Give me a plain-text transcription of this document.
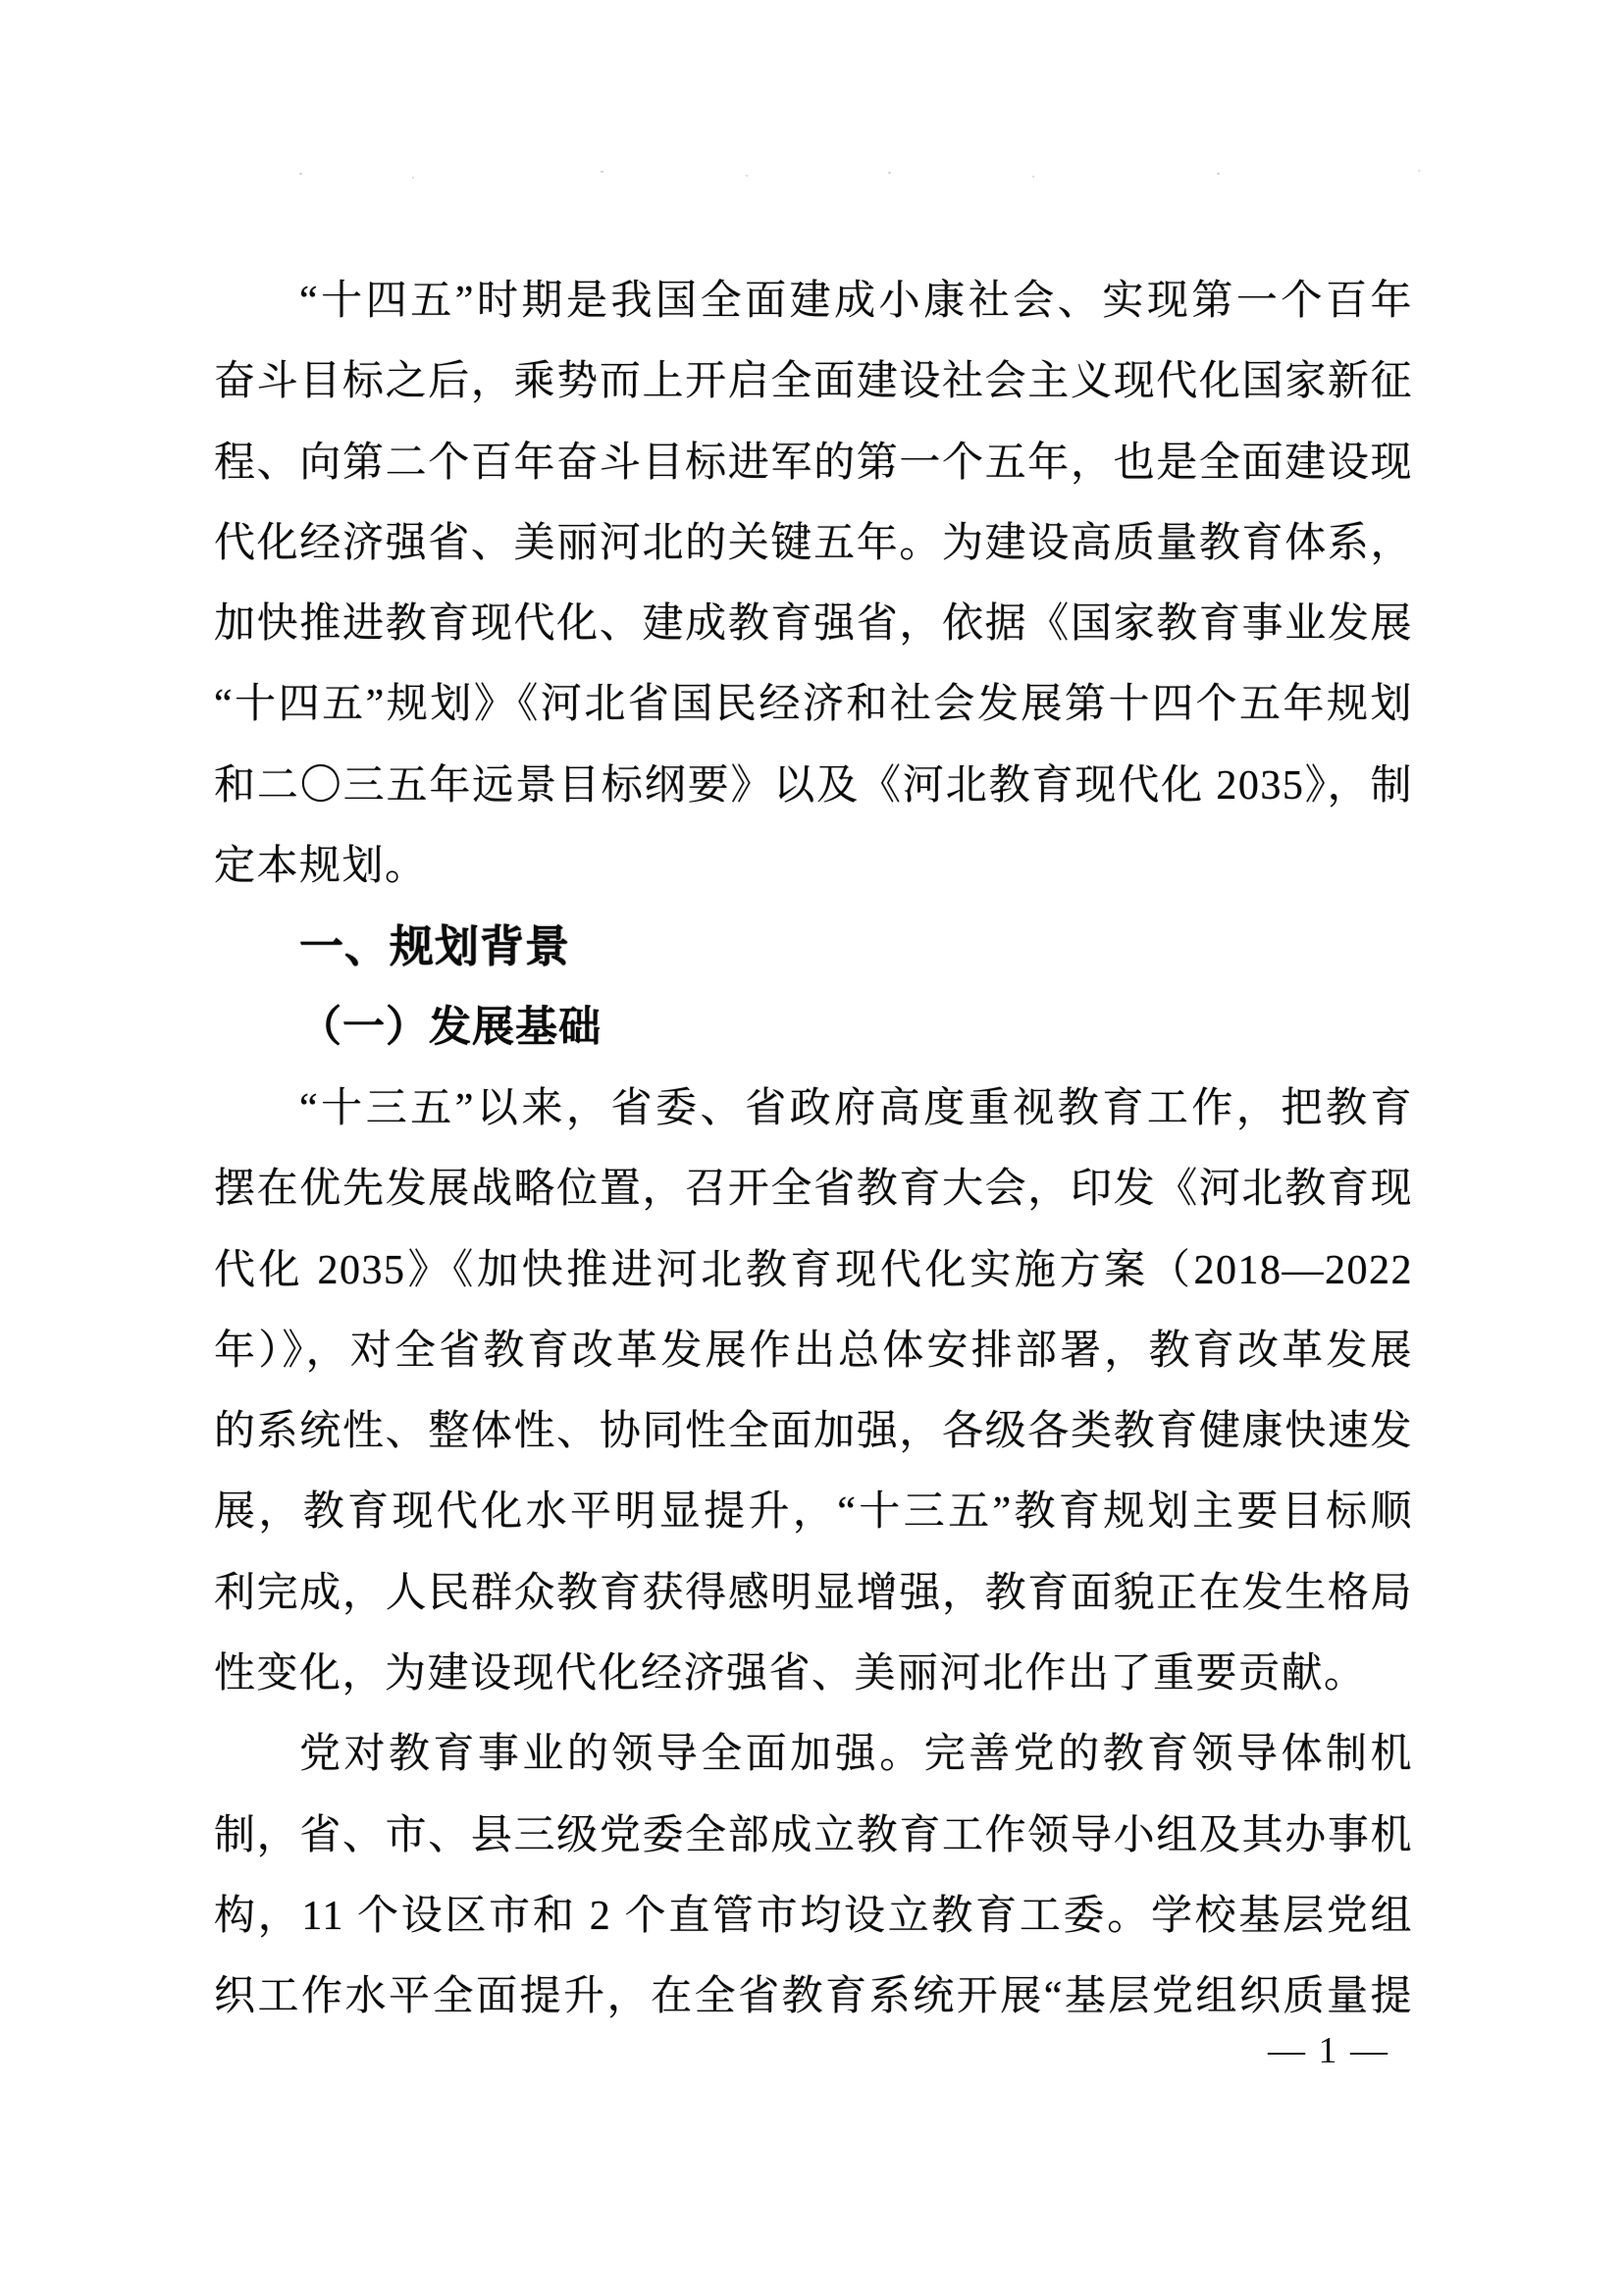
“十四五”时期是我国全面建成小康社会、实现第一个百年
奋斗目标之后，乘势而上开启全面建设社会主义现代化国家新征
程、向第二个百年奋斗目标进军的第一个五年，也是全面建设现
代化经济强省、美丽河北的关键五年。为建设高质量教育体系，
加快推进教育现代化、建成教育强省，依据《国家教育事业发展
“十四五”规划》《河北省国民经济和社会发展第十四个五年规划
和二〇三五年远景目标纲要》以及《河北教育现代化 2035》，制
定本规划。
一、规划背景
（一）发展基础
“十三五”以来，省委、省政府高度重视教育工作，把教育
摆在优先发展战略位置，召开全省教育大会，印发《河北教育现
代化 2035》《加快推进河北教育现代化实施方案（2018—2022
年）》，对全省教育改革发展作出总体安排部署，教育改革发展
的系统性、整体性、协同性全面加强，各级各类教育健康快速发
展，教育现代化水平明显提升，“十三五”教育规划主要目标顺
利完成，人民群众教育获得感明显增强，教育面貌正在发生格局
性变化，为建设现代化经济强省、美丽河北作出了重要贡献。
党对教育事业的领导全面加强。完善党的教育领导体制机
制，省、市、县三级党委全部成立教育工作领导小组及其办事机
构，11 个设区市和 2 个直管市均设立教育工委。学校基层党组
织工作水平全面提升，在全省教育系统开展“基层党组织质量提
— 1 —
